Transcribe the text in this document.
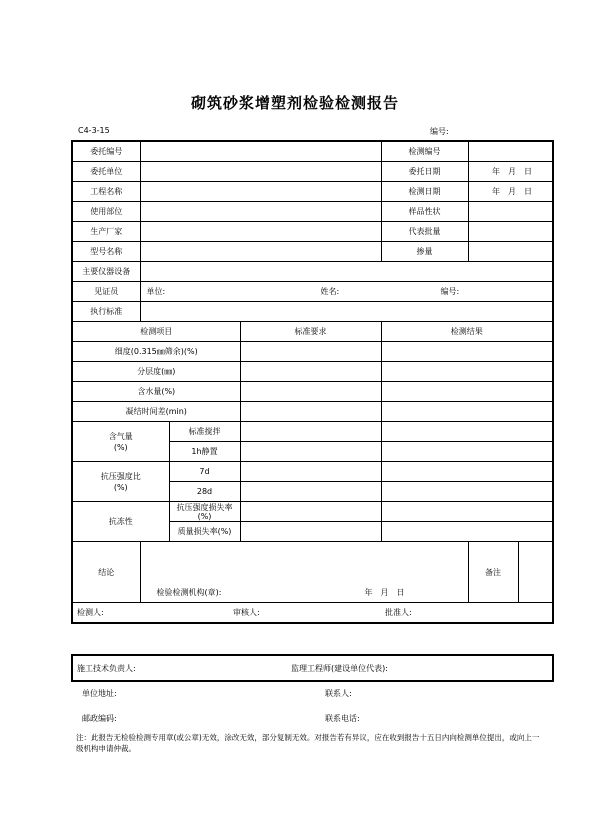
砌筑砂浆增塑剂检验检测报告
C4-3-15	编号:
委托编号				检测编号		
委托单位				委托日期	年　月　日	
工程名称				检测日期	年　月　日	
使用部位				样品性状		
生产厂家				代表批量		
型号名称				掺量		
主要仪器设备						
见证员	单位: 姓名: 编号:					

执行标准						
检测项目			标准要求	检测结果		
细度(0.315㎜筛余)(%)						
分层度(㎜)						
含水量(%)						
凝结时间差(min)						
含气量
(%)		标准搅拌				
		1h静置				
抗压强度比
(%)		7d				
		28d				
抗冻性		抗压强度损失率
(%)				
		质量损失率(%)				
结论	检验检测机构(章): 年　月　日				备注	

检测人: 审核人: 批准人:						
施工技术负责人:	监理工程师(建设单位代表):
单位地址:	联系人:
邮政编码:	联系电话:
注：此报告无检验检测专用章(或公章)无效，涂改无效，部分复制无效。对报告若有异议，应在收到报告十五日内向检测单位提出，或向上一级机构申请仲裁。
